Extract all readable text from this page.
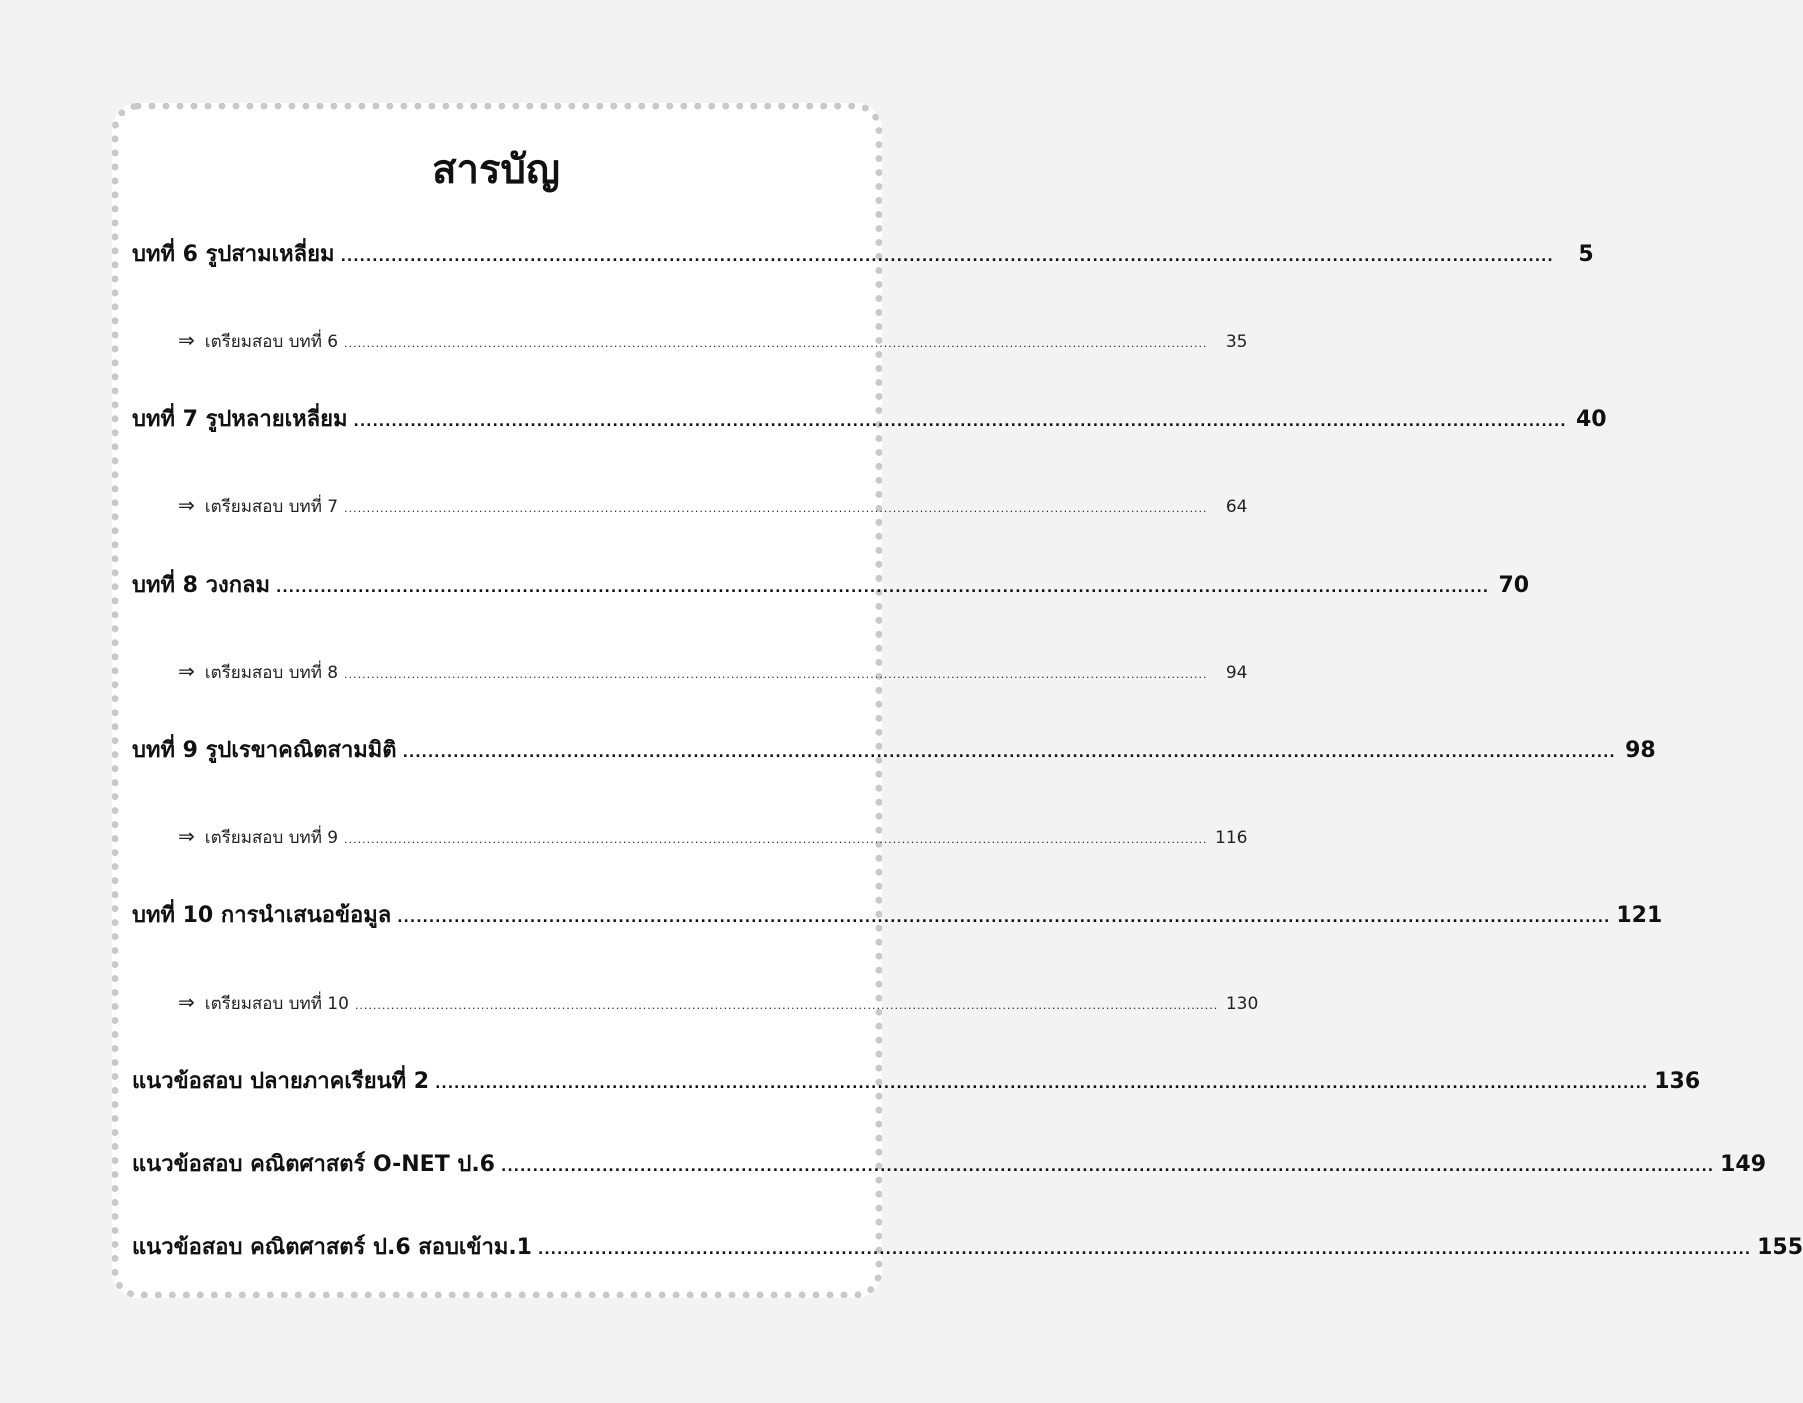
สารบัญ
บทที่ 6 รูปสามเหลี่ยม ................................................................................................................................................................................................	5
⇒ เตรียมสอบ บทที่ 6 ................................................................................................................................................................................................	35
บทที่ 7 รูปหลายเหลี่ยม ................................................................................................................................................................................................ 40
⇒ เตรียมสอบ บทที่ 7 ................................................................................................................................................................................................	64
บทที่ 8 วงกลม ................................................................................................................................................................................................ 70
⇒ เตรียมสอบ บทที่ 8 ................................................................................................................................................................................................	94
บทที่ 9 รูปเรขาคณิตสามมิติ ................................................................................................................................................................................................ 98
⇒ เตรียมสอบ บทที่ 9 ................................................................................................................................................................................................ 116
บทที่ 10 การนำเสนอข้อมูล ................................................................................................................................................................................................ 121
⇒ เตรียมสอบ บทที่ 10 ................................................................................................................................................................................................ 130
แนวข้อสอบ ปลายภาคเรียนที่ 2 ................................................................................................................................................................................................ 136
แนวข้อสอบ คณิตศาสตร์ O-NET ป.6 ................................................................................................................................................................................................ 149
แนวข้อสอบ คณิตศาสตร์ ป.6 สอบเข้าม.1 ................................................................................................................................................................................................ 155
